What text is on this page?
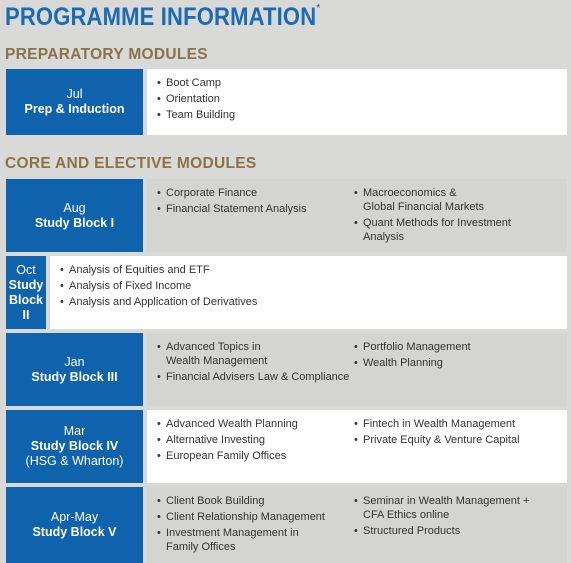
PROGRAMME INFORMATION*
PREPARATORY MODULES
Jul
Prep & Induction
• Boot Camp
• Orientation
• Team Building
CORE AND ELECTIVE MODULES
Aug
Study Block I
• Corporate Finance
• Financial Statement Analysis
• Macroeconomics &
Global Financial Markets
• Quant Methods for Investment Analysis
Oct
Study Block II
• Analysis of Equities and ETF
• Analysis of Fixed Income
• Analysis and Application of Derivatives
Jan
Study Block III
• Advanced Topics in
Wealth Management
• Financial Advisers Law & Compliance
• Portfolio Management
• Wealth Planning
Mar
Study Block IV
(HSG & Wharton)
• Advanced Wealth Planning
• Alternative Investing
• European Family Offices
• Fintech in Wealth Management
• Private Equity & Venture Capital
Apr-May
Study Block V
• Client Book Building
• Client Relationship Management
• Investment Management in
Family Offices
• Seminar in Wealth Management +
CFA Ethics online
• Structured Products
